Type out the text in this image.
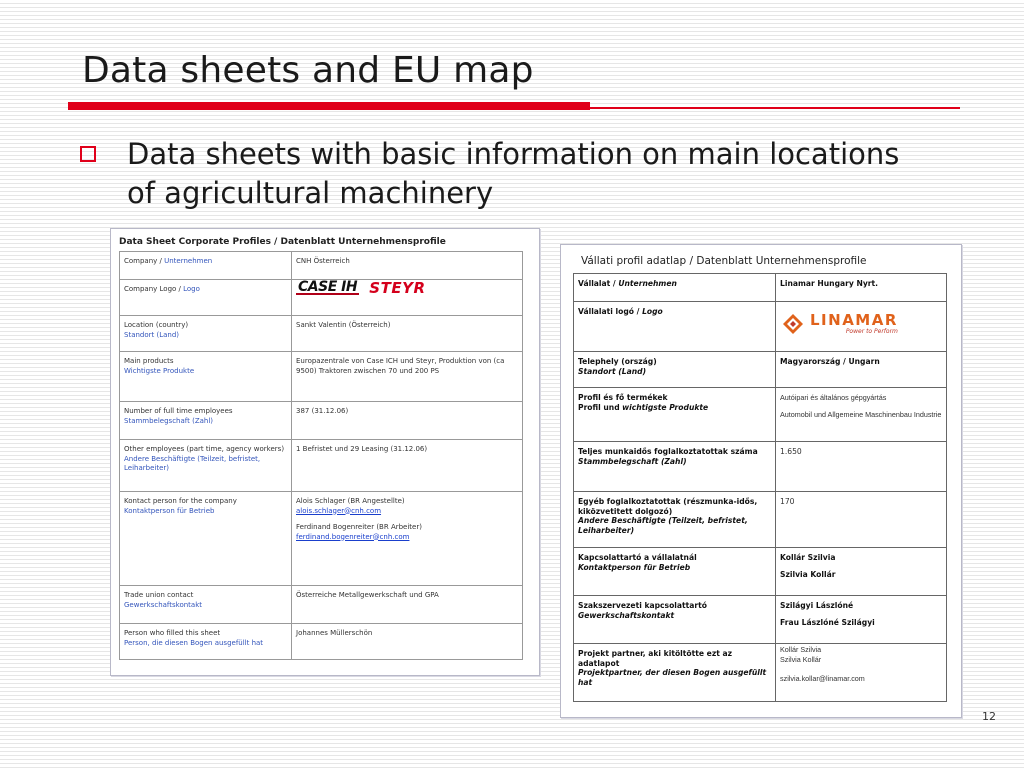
Data sheets and EU map

Data sheets with basic information on main locations of agricultural machinery

Data Sheet Corporate Profiles / Datenblatt Unternehmensprofile
Company / Unternehmen	CNH Österreich

Company Logo / Logo	CASE IH STEYR

Location (country)
Standort (Land)	Sankt Valentin (Österreich)

Main products
Wichtigste Produkte	Europazentrale von Case ICH und Steyr, Produktion von (ca 9500) Traktoren zwischen 70 und 200 PS

Number of full time employees
Stammbelegschaft (Zahl)	387 (31.12.06)

Other employees (part time, agency workers)
Andere Beschäftigte (Teilzeit, befristet, Leiharbeiter)	1 Befristet und 29 Leasing (31.12.06)

Kontact person for the company
Kontaktperson für Betrieb	Alois Schlager (BR Angestellte)
alois.schlager@cnh.com
Ferdinand Bogenreiter (BR Arbeiter)
ferdinand.bogenreiter@cnh.com

Trade union contact
Gewerkschaftskontakt	Österreiche Metallgewerkschaft und GPA

Person who filled this sheet
Person, die diesen Bogen ausgefüllt hat	Johannes Müllerschön
Vállati profil adatlap / Datenblatt Unternehmensprofile
Vállalat / Unternehmen	Linamar Hungary Nyrt.

Vállalati logó / Logo	LINAMAR
Power to Perform

Telephely (ország)
Standort (Land)	Magyarország / Ungarn

Profil és fő termékek
Profil und wichtigste Produkte	Autóipari és általános gépgyártás
Automobil und Allgemeine Maschinenbau Industrie

Teljes munkaidős foglalkoztatottak száma
Stammbelegschaft (Zahl)	1.650

Egyéb foglalkoztatottak (részmunka-idős, kiközvetitett dolgozó)
Andere Beschäftigte (Teilzeit, befristet, Leiharbeiter)	170

Kapcsolattartó a vállalatnál
Kontaktperson für Betrieb	Kollár Szilvia
Szilvia Kollár

Szakszervezeti kapcsolattartó
Gewerkschaftskontakt	Szilágyi Lászlóné
Frau Lászlóné Szilágyi

Projekt partner, aki kitöltötte ezt az adatlapot
Projektpartner, der diesen Bogen ausgefüllt hat	Kollár Szilvia
Szilvia Kollár
szilvia.kollar@linamar.com
12
